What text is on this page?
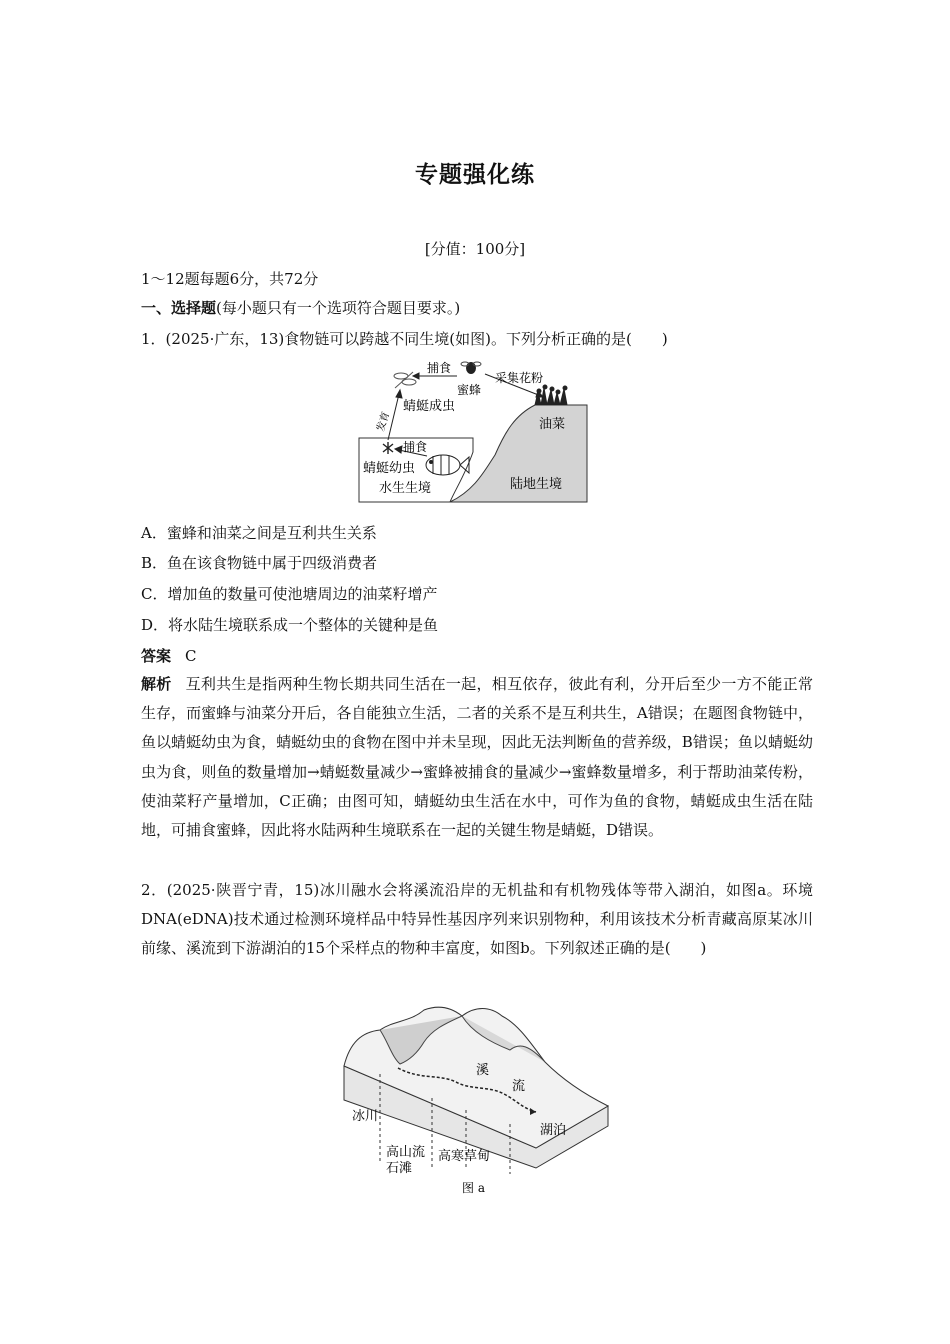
专题强化练
[分值：100分]
1～12题每题6分，共72分
一、选择题(每小题只有一个选项符合题目要求。)
1．(2025·广东，13)食物链可以跨越不同生境(如图)。下列分析正确的是(　　)
捕食
蜜蜂
采集花粉
蜻蜓成虫
发育	油菜
捕食
蜻蜓幼虫
水生生境	陆地生境
A．蜜蜂和油菜之间是互利共生关系
B．鱼在该食物链中属于四级消费者
C．增加鱼的数量可使池塘周边的油菜籽增产
D．将水陆生境联系成一个整体的关键种是鱼
答案 C
解析 互利共生是指两种生物长期共同生活在一起，相互依存，彼此有利，分开后至少一方不能正常生存，而蜜蜂与油菜分开后，各自能独立生活，二者的关系不是互利共生，A错误；在题图食物链中，鱼以蜻蜓幼虫为食，蜻蜓幼虫的食物在图中并未呈现，因此无法判断鱼的营养级，B错误；鱼以蜻蜓幼虫为食，则鱼的数量增加→蜻蜓数量减少→蜜蜂被捕食的量减少→蜜蜂数量增多，利于帮助油菜传粉，使油菜籽产量增加，C正确；由图可知，蜻蜓幼虫生活在水中，可作为鱼的食物，蜻蜓成虫生活在陆地，可捕食蜜蜂，因此将水陆两种生境联系在一起的关键生物是蜻蜓，D错误。
2．(2025·陕晋宁青，15)冰川融水会将溪流沿岸的无机盐和有机物残体等带入湖泊，如图a。环境DNA(eDNA)技术通过检测环境样品中特异性基因序列来识别物种，利用该技术分析青藏高原某冰川前缘、溪流到下游湖泊的15个采样点的物种丰富度，如图b。下列叙述正确的是(　　)
溪
流
冰川
湖泊
高山流
石滩
高寒草甸
图 a
